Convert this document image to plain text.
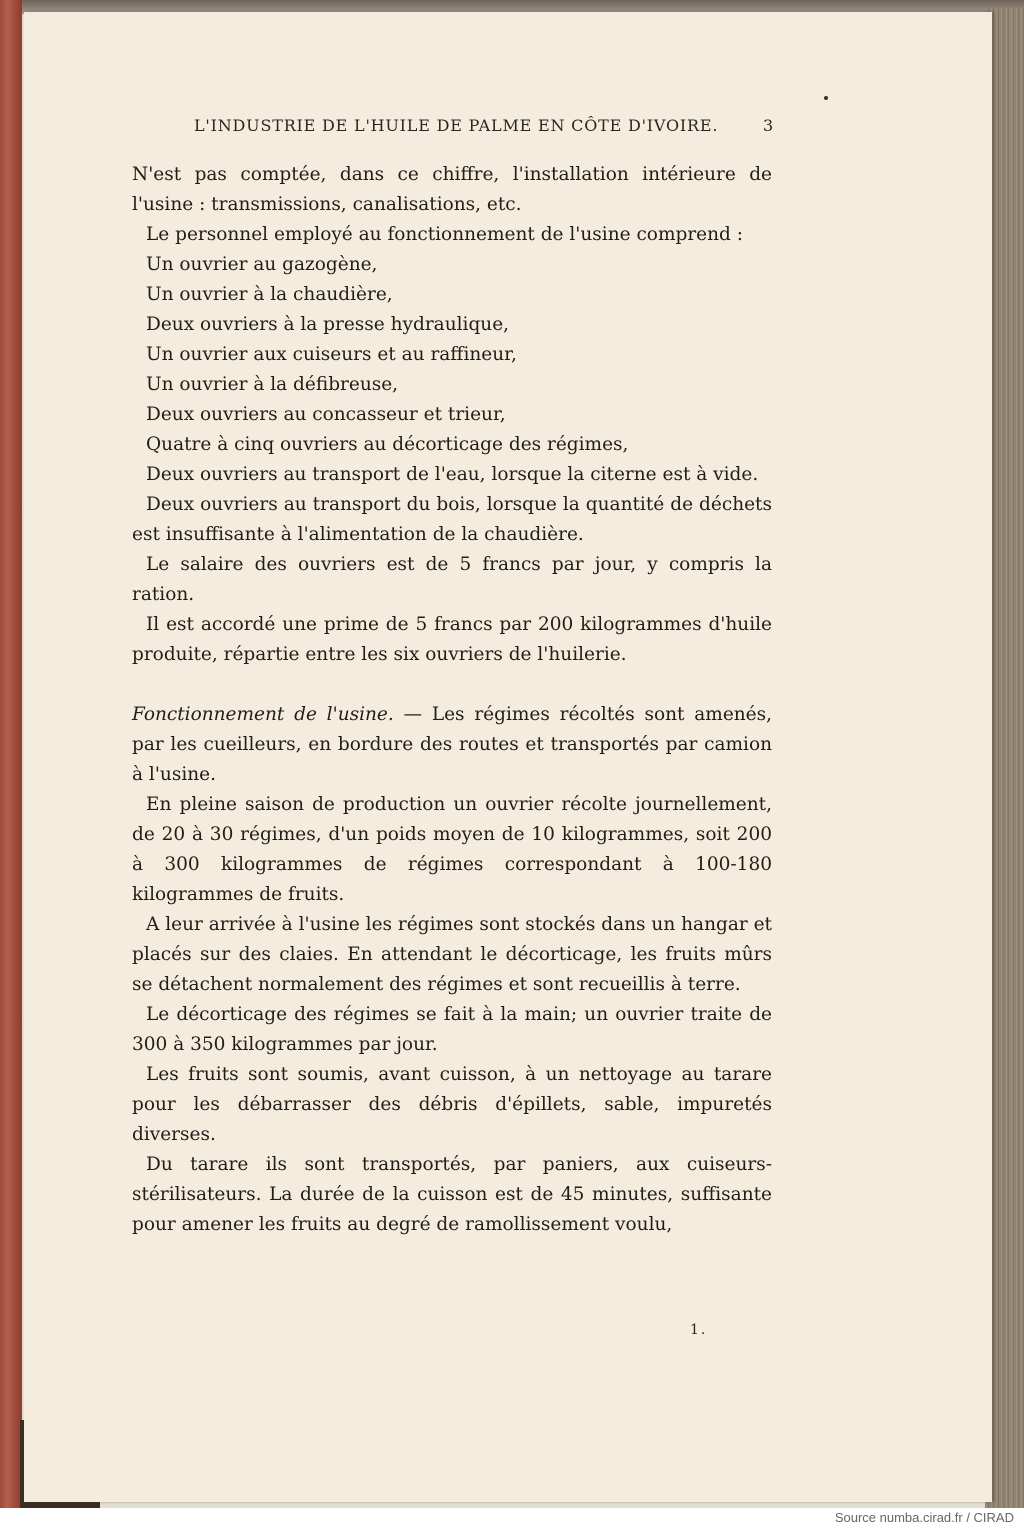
L'INDUSTRIE DE L'HUILE DE PALME EN CÔTE D'IVOIRE.	3

N'est pas comptée, dans ce chiffre, l'installation intérieure de l'usine : transmissions, canalisations, etc.

Le personnel employé au fonctionnement de l'usine comprend :

Un ouvrier au gazogène,

Un ouvrier à la chaudière,

Deux ouvriers à la presse hydraulique,

Un ouvrier aux cuiseurs et au raffineur,

Un ouvrier à la défibreuse,

Deux ouvriers au concasseur et trieur,

Quatre à cinq ouvriers au décorticage des régimes,

Deux ouvriers au transport de l'eau, lorsque la citerne est à vide.

Deux ouvriers au transport du bois, lorsque la quantité de déchets est insuffisante à l'alimentation de la chaudière.

Le salaire des ouvriers est de 5 francs par jour, y compris la ration.

Il est accordé une prime de 5 francs par 200 kilogrammes d'huile produite, répartie entre les six ouvriers de l'huilerie.

Fonctionnement de l'usine. — Les régimes récoltés sont amenés, par les cueilleurs, en bordure des routes et transportés par camion à l'usine.

En pleine saison de production un ouvrier récolte journellement, de 20 à 30 régimes, d'un poids moyen de 10 kilogrammes, soit 200 à 300 kilogrammes de régimes correspondant à 100-180 kilogrammes de fruits.

A leur arrivée à l'usine les régimes sont stockés dans un hangar et placés sur des claies. En attendant le décorticage, les fruits mûrs se détachent normalement des régimes et sont recueillis à terre.

Le décorticage des régimes se fait à la main; un ouvrier traite de 300 à 350 kilogrammes par jour.

Les fruits sont soumis, avant cuisson, à un nettoyage au tarare pour les débarrasser des débris d'épillets, sable, impuretés diverses.

Du tarare ils sont transportés, par paniers, aux cuiseurs-stérilisateurs. La durée de la cuisson est de 45 minutes, suffisante pour amener les fruits au degré de ramollissement voulu,

1.
Source numba.cirad.fr / CIRAD
